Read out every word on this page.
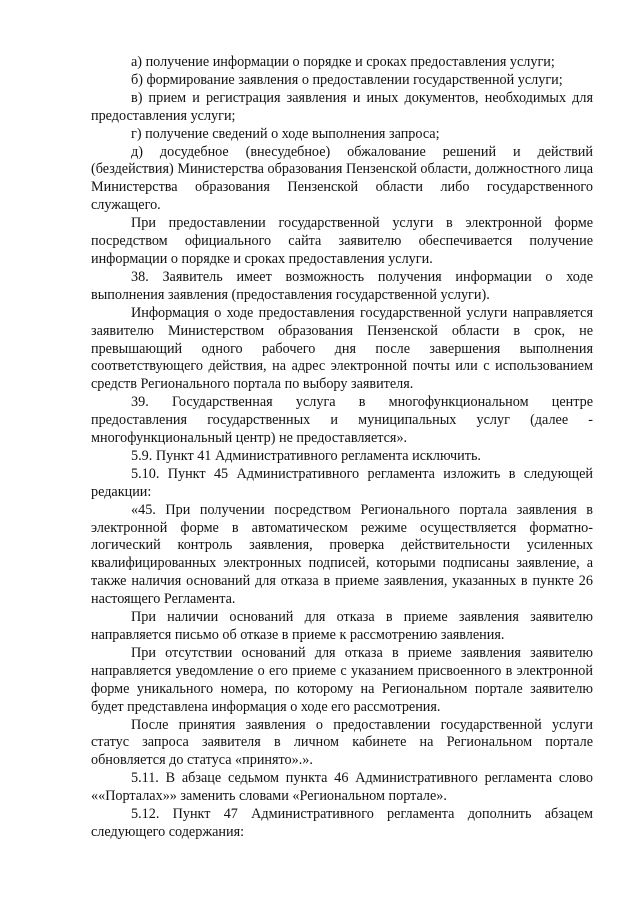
а) получение информации о порядке и сроках предоставления услуги;

б) формирование заявления о предоставлении государственной услуги;

в) прием и регистрация заявления и иных документов, необходимых для предоставления услуги;

г) получение сведений о ходе выполнения запроса;

д) досудебное (внесудебное) обжалование решений и действий (бездействия) Министерства образования Пензенской области, должностного лица Министерства образования Пензенской области либо государственного служащего.

При предоставлении государственной услуги в электронной форме посредством официального сайта заявителю обеспечивается получение информации о порядке и сроках предоставления услуги.

38. Заявитель имеет возможность получения информации о ходе выполнения заявления (предоставления государственной услуги).

Информация о ходе предоставления государственной услуги направляется заявителю Министерством образования Пензенской области в срок, не превышающий одного рабочего дня после завершения выполнения соответствующего действия, на адрес электронной почты или с использованием средств Регионального портала по выбору заявителя.

39. Государственная услуга в многофункциональном центре предоставления государственных и муниципальных услуг (далее - многофункциональный центр) не предоставляется».

5.9. Пункт 41 Административного регламента исключить.

5.10. Пункт 45 Административного регламента изложить в следующей редакции:

«45. При получении посредством Регионального портала заявления в электронной форме в автоматическом режиме осуществляется форматно-логический контроль заявления, проверка действительности усиленных квалифицированных электронных подписей, которыми подписаны заявление, а также наличия оснований для отказа в приеме заявления, указанных в пункте 26 настоящего Регламента.

При наличии оснований для отказа в приеме заявления заявителю направляется письмо об отказе в приеме к рассмотрению заявления.

При отсутствии оснований для отказа в приеме заявления заявителю направляется уведомление о его приеме с указанием присвоенного в электронной форме уникального номера, по которому на Региональном портале заявителю будет представлена информация о ходе его рассмотрения.

После принятия заявления о предоставлении государственной услуги статус запроса заявителя в личном кабинете на Региональном портале обновляется до статуса «принято».».

5.11. В абзаце седьмом пункта 46 Административного регламента слово ««Порталах»» заменить словами «Региональном портале».

5.12. Пункт 47 Административного регламента дополнить абзацем следующего содержания:
